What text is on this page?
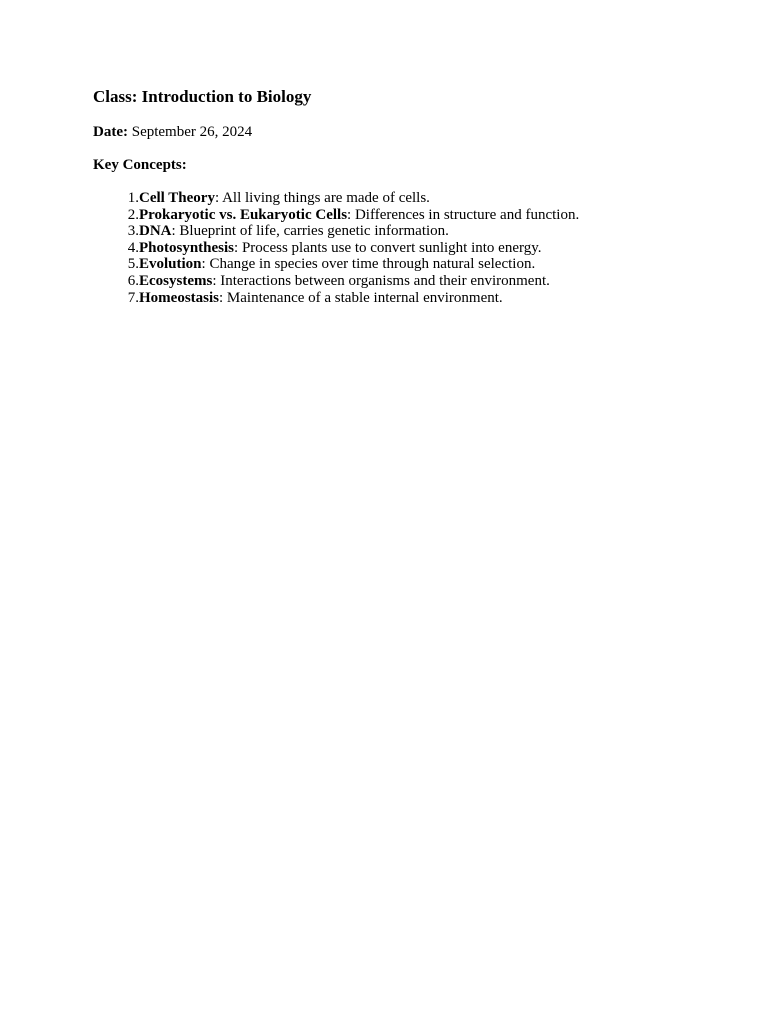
Class: Introduction to Biology

Date: September 26, 2024

Key Concepts:

1. Cell Theory: All living things are made of cells.
2. Prokaryotic vs. Eukaryotic Cells: Differences in structure and function.
3. DNA: Blueprint of life, carries genetic information.
4. Photosynthesis: Process plants use to convert sunlight into energy.
5. Evolution: Change in species over time through natural selection.
6. Ecosystems: Interactions between organisms and their environment.
7. Homeostasis: Maintenance of a stable internal environment.
